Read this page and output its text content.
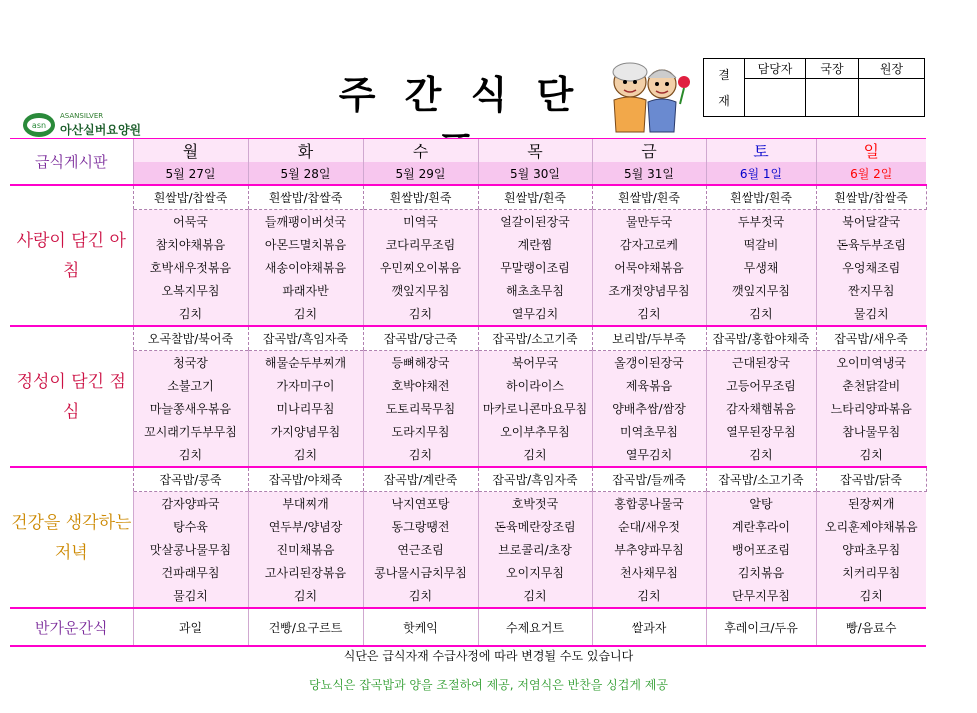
주 간 식 단	결
재	담당자	국장	원장

asn
ASANSILVER
아산실버요양원
급식게시판	월	화	수	목	금	토	일
	5월 27일	5월 28일	5월 29일	5월 30일	5월 31일	6월 1일	6월 2일
사랑이 담긴 아침	흰쌀밥/찹쌀죽	흰쌀밥/찹쌀죽	흰쌀밥/흰죽	흰쌀밥/흰죽	흰쌀밥/흰죽	흰쌀밥/흰죽	흰쌀밥/찹쌀죽
	어묵국	들깨팽이버섯국	미역국	얼갈이된장국	물만두국	두부젓국	북어달걀국
	참치야채볶음	아몬드멸치볶음	코다리무조림	계란찜	감자고로케	떡갈비	돈육두부조림
	호박새우젓볶음	새송이야채볶음	우민찌오이볶음	무말랭이조림	어묵야채볶음	무생채	우엉채조림
	오복지무침	파래자반	깻잎지무침	해초초무침	조개젓양념무침	깻잎지무침	짠지무침
	김치	김치	김치	열무김치	김치	김치	물김치
정성이 담긴 점심	오곡찰밥/북어죽	잡곡밥/흑임자죽	잡곡밥/당근죽	잡곡밥/소고기죽	보리밥/두부죽	잡곡밥/홍합야채죽	잡곡밥/새우죽
	청국장	해물순두부찌개	등뼈해장국	북어무국	올갱이된장국	근대된장국	오이미역냉국
	소불고기	가자미구이	호박야채전	하이라이스	제육볶음	고등어무조림	춘천닭갈비
	마늘쫑새우볶음	미나리무침	도토리묵무침	마카로니콘마요무침	양배추쌈/쌈장	감자채햄볶음	느타리양파볶음
	꼬시래기두부무침	가지양념무침	도라지무침	오이부추무침	미역초무침	열무된장무침	참나물무침
	김치	김치	김치	김치	열무김치	김치	김치
건강을 생각하는 저녁	잡곡밥/콩죽	잡곡밥/야채죽	잡곡밥/계란죽	잡곡밥/흑임자죽	잡곡밥/들깨죽	잡곡밥/소고기죽	잡곡밥/닭죽
	감자양파국	부대찌개	낙지연포탕	호박젓국	홍합콩나물국	알탕	된장찌개
	탕수육	연두부/양념장	동그랑땡전	돈육메란장조림	순대/새우젓	계란후라이	오리훈제야채볶음
	맛살콩나물무침	진미채볶음	연근조림	브로콜리/초장	부추양파무침	뱅어포조림	양파초무침
	건파래무침	고사리된장볶음	콩나물시금치무침	오이지무침	천사채무침	김치볶음	치커리무침
	물김치	김치	김치	김치	김치	단무지무침	김치
반가운간식	과일	건빵/요구르트	핫케익	수제요거트	쌀과자	후레이크/두유	빵/음료수
식단은 급식자재 수급사정에 따라 변경될 수도 있습니다
당뇨식은 잡곡밥과 양을 조절하여 제공, 저염식은 반찬을 싱겁게 제공
